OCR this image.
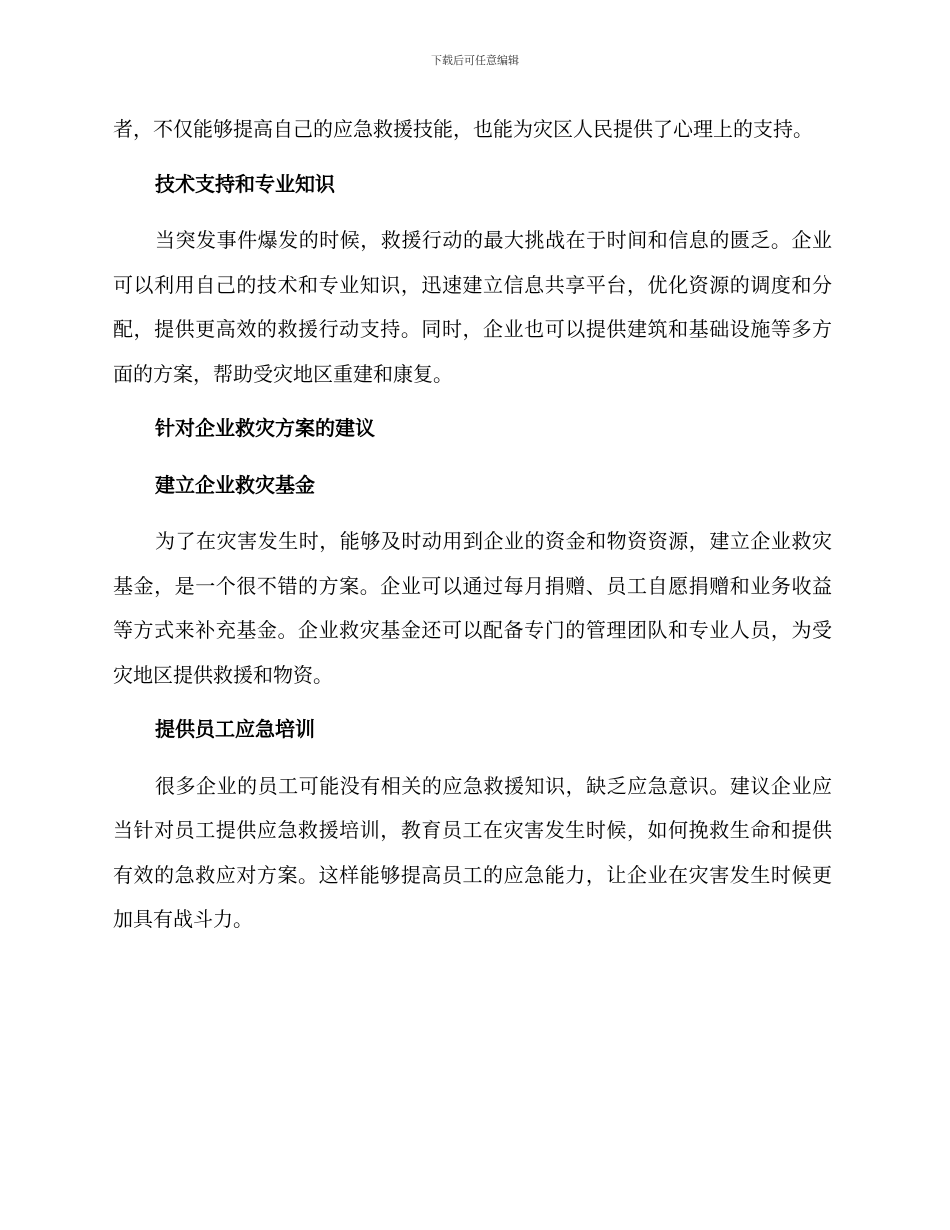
下载后可任意编辑

者，不仅能够提高自己的应急救援技能，也能为灾区人民提供了心理上的支持。

技术支持和专业知识

当突发事件爆发的时候，救援行动的最大挑战在于时间和信息的匮乏。企业可以利用自己的技术和专业知识，迅速建立信息共享平台，优化资源的调度和分配，提供更高效的救援行动支持。同时，企业也可以提供建筑和基础设施等多方面的方案，帮助受灾地区重建和康复。

针对企业救灾方案的建议
建立企业救灾基金

为了在灾害发生时，能够及时动用到企业的资金和物资资源，建立企业救灾基金，是一个很不错的方案。企业可以通过每月捐赠、员工自愿捐赠和业务收益等方式来补充基金。企业救灾基金还可以配备专门的管理团队和专业人员，为受灾地区提供救援和物资。

提供员工应急培训

很多企业的员工可能没有相关的应急救援知识，缺乏应急意识。建议企业应当针对员工提供应急救援培训，教育员工在灾害发生时候，如何挽救生命和提供有效的急救应对方案。这样能够提高员工的应急能力，让企业在灾害发生时候更加具有战斗力。
